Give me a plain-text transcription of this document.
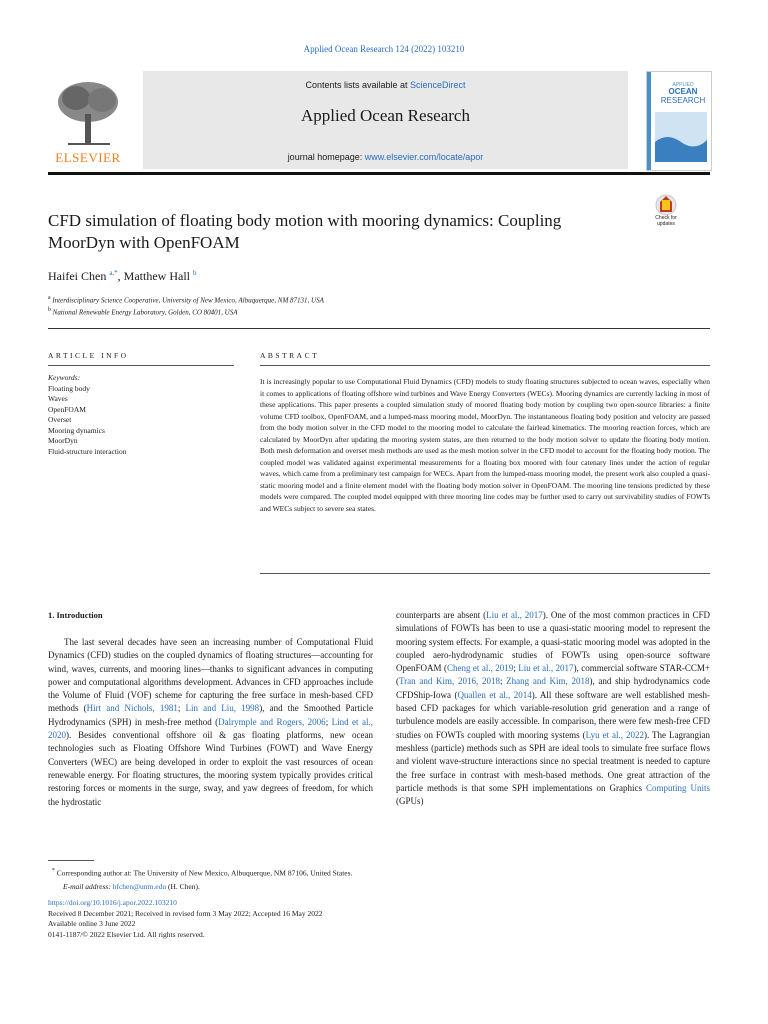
Applied Ocean Research 124 (2022) 103210
Contents lists available at ScienceDirect
Applied Ocean Research
journal homepage: www.elsevier.com/locate/apor
ELSEVIER
APPLIED
OCEAN
RESEARCH
CFD simulation of floating body motion with mooring dynamics: Coupling MoorDyn with OpenFOAM
Check for updates
Haifei Chen $^{a,*}$, Matthew Hall $^b$
$^a$ Interdisciplinary Science Cooperative, University of New Mexico, Albuquerque, NM 87131, USA
$^b$ National Renewable Energy Laboratory, Golden, CO 80401, USA
ARTICLE INFO	ABSTRACT
Keywords:
Floating body
Waves
OpenFOAM
Overset
Mooring dynamics
MoorDyn
Fluid-structure interaction
It is increasingly popular to use Computational Fluid Dynamics (CFD) models to study floating structures subjected to ocean waves, especially when it comes to applications of floating offshore wind turbines and Wave Energy Converters (WECs). Mooring dynamics are currently lacking in most of these applications. This paper presents a coupled simulation study of moored floating body motion by coupling two open-source libraries: a finite volume CFD toolbox, OpenFOAM, and a lumped-mass mooring model, MoorDyn. The instantaneous floating body position and velocity are passed from the body motion solver in the CFD model to the mooring model to calculate the fairlead kinematics. The mooring reaction forces, which are calculated by MoorDyn after updating the mooring system states, are then returned to the body motion solver to update the floating body motion. Both mesh deformation and overset mesh methods are used as the mesh motion solver in the CFD model to account for the floating body motion. The coupled model was validated against experimental measurements for a floating box moored with four catenary lines under the action of regular waves, which came from a preliminary test campaign for WECs. Apart from the lumped-mass mooring model, the present work also coupled a quasi-static mooring model and a finite element model with the floating body motion solver in OpenFOAM. The mooring line tensions predicted by these models were compared. The coupled model equipped with three mooring line codes may be further used to carry out survivability studies of FOWTs and WECs subject to severe sea states.
1. Introduction

The last several decades have seen an increasing number of Computational Fluid Dynamics (CFD) studies on the coupled dynamics of floating structures—accounting for wind, waves, currents, and mooring lines—thanks to significant advances in computing power and computational algorithms development. Advances in CFD approaches include the Volume of Fluid (VOF) scheme for capturing the free surface in mesh-based CFD methods (Hirt and Nichols, 1981; Lin and Liu, 1998), and the Smoothed Particle Hydrodynamics (SPH) in mesh-free method (Dalrymple and Rogers, 2006; Lind et al., 2020). Besides conventional offshore oil & gas floating platforms, new ocean technologies such as Floating Offshore Wind Turbines (FOWT) and Wave Energy Converters (WEC) are being developed in order to exploit the vast resources of ocean renewable energy. For floating structures, the mooring system typically provides critical restoring forces or moments in the surge, sway, and yaw degrees of freedom, for which the hydrostatic

counterparts are absent (Liu et al., 2017). One of the most common practices in CFD simulations of FOWTs has been to use a quasi-static mooring model to represent the mooring system effects. For example, a quasi-static mooring model was adopted in the coupled aero-hydrodynamic studies of FOWTs using open-source software OpenFOAM (Cheng et al., 2019; Liu et al., 2017), commercial software STAR-CCM+ (Tran and Kim, 2016, 2018; Zhang and Kim, 2018), and ship hydrodynamics code CFDShip-Iowa (Quallen et al., 2014). All these software are well established mesh-based CFD packages for which variable-resolution grid generation and a range of turbulence models are easily accessible. In comparison, there were few mesh-free CFD studies on FOWTs coupled with mooring systems (Lyu et al., 2022). The Lagrangian meshless (particle) methods such as SPH are ideal tools to simulate free surface flows and violent wave-structure interactions since no special treatment is needed to capture the free surface in contrast with mesh-based methods. One great attraction of the particle methods is that some SPH implementations on Graphics Computing Units (GPUs)

* Corresponding author at: The University of New Mexico, Albuquerque, NM 87106, United States.
E-mail address: hfchen@unm.edu (H. Chen).
https://doi.org/10.1016/j.apor.2022.103210
Received 8 December 2021; Received in revised form 3 May 2022; Accepted 16 May 2022
Available online 3 June 2022
0141-1187/© 2022 Elsevier Ltd. All rights reserved.
